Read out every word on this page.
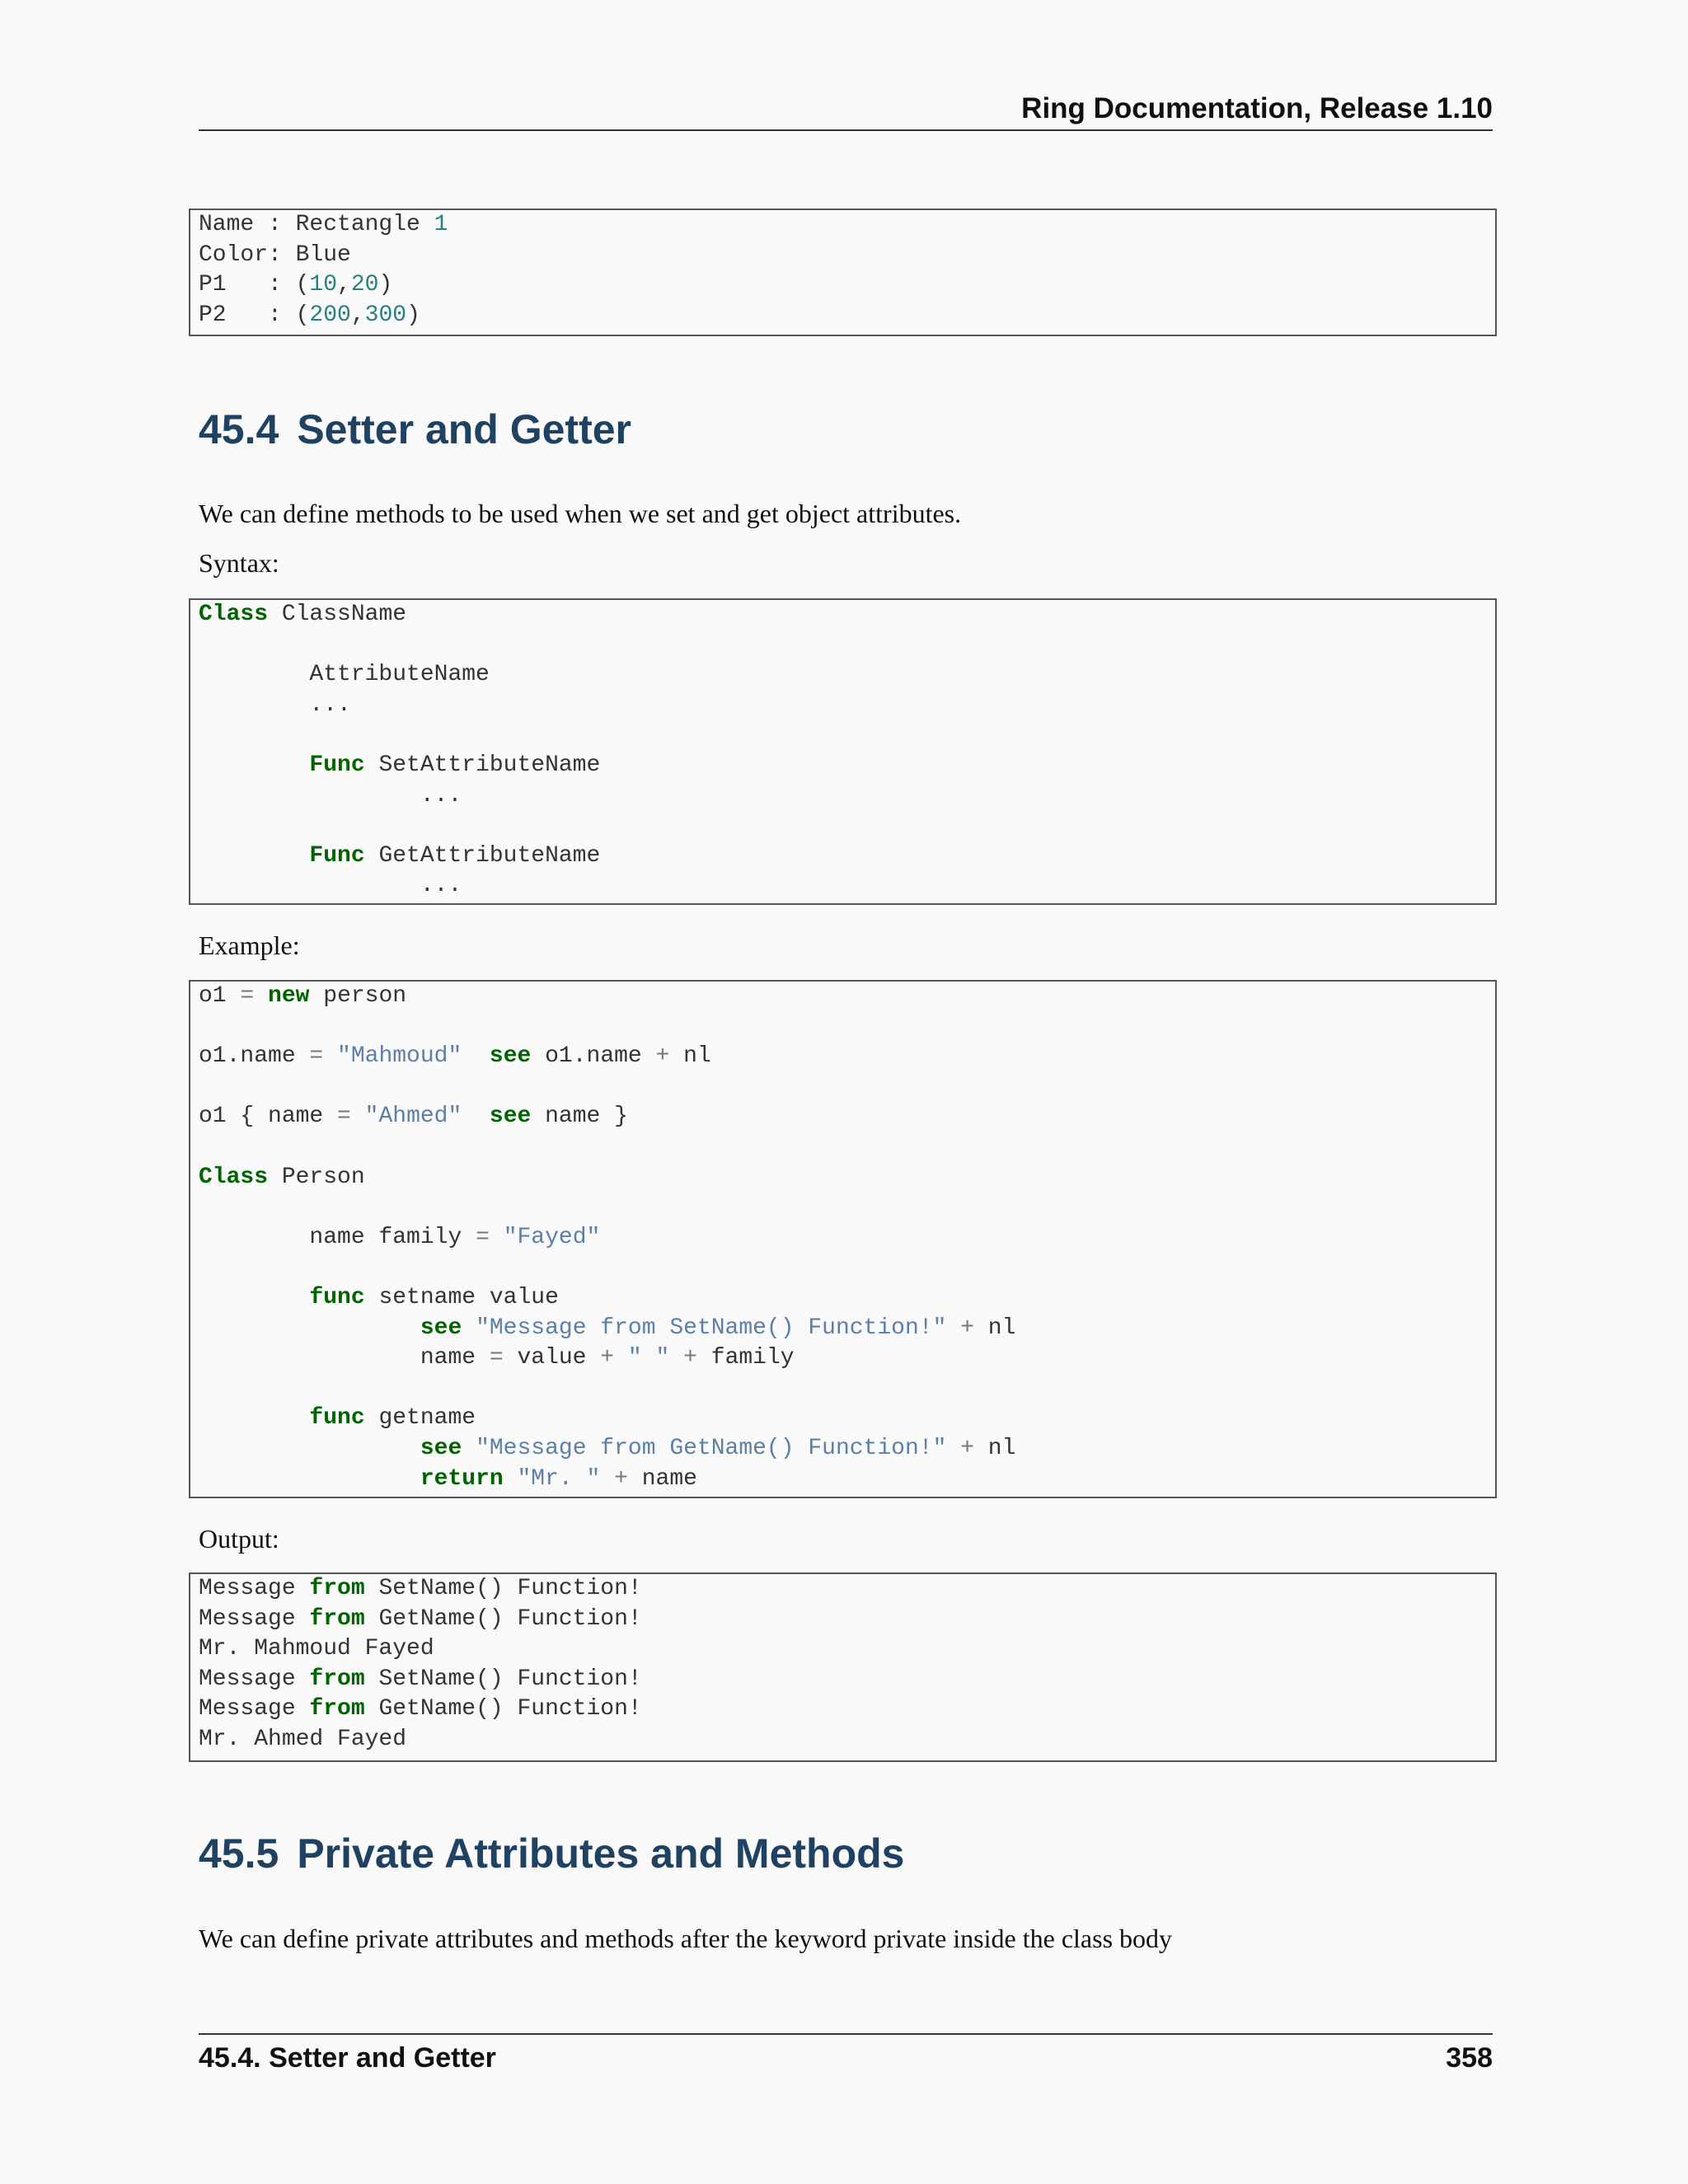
Ring Documentation, Release 1.10
Name : Rectangle 1
Color: Blue
P1   : (10,20)
P2   : (200,300)
45.4 Setter and Getter

We can define methods to be used when we set and get object attributes.

Syntax:

Class ClassName

AttributeName
...

Func SetAttributeName
...

Func GetAttributeName
...

Example:

o1 = new person

o1.name = "Mahmoud" see o1.name + nl

o1 { name = "Ahmed" see name }

Class Person

name family = "Fayed"

func setname value
see "Message from SetName() Function!" + nl
name = value + " " + family

func getname
see "Message from GetName() Function!" + nl
return "Mr. " + name

Output:

Message from SetName() Function!
Message from GetName() Function!
Mr. Mahmoud Fayed
Message from SetName() Function!
Message from GetName() Function!
Mr. Ahmed Fayed
45.5 Private Attributes and Methods

We can define private attributes and methods after the keyword private inside the class body

45.4. Setter and Getter	358
